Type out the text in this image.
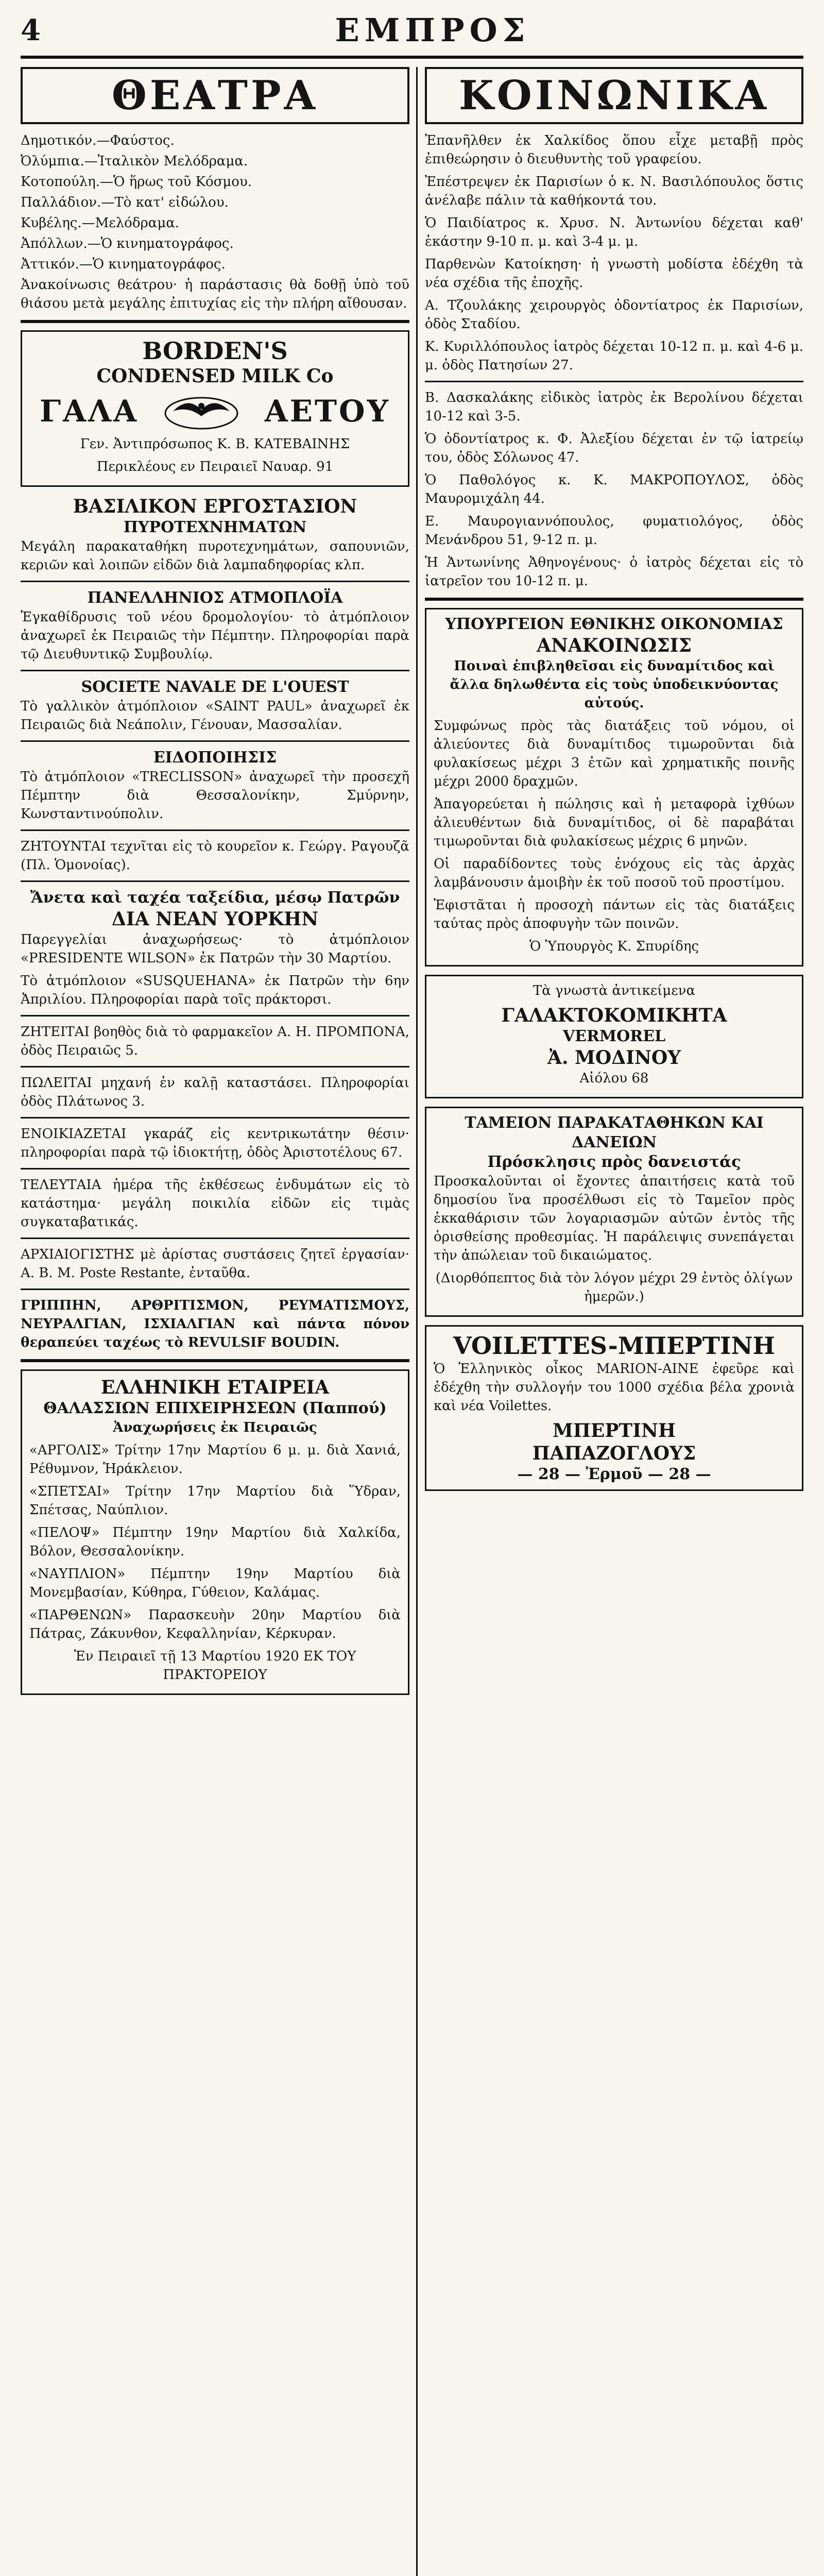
4	ΕΜΠΡΟΣ
ΘΕΑΤΡΑ
Δημοτικόν.—Φαύστος.
Ὀλύμπια.—Ἰταλικὸν Μελόδραμα.
Κοτοπούλη.—Ὁ ἥρως τοῦ Κόσμου.
Παλλάδιον.—Τὸ κατ' εἰδώλου.
Κυβέλης.—Μελόδραμα.
Ἀπόλλων.—Ὁ κινηματογράφος.
Ἀττικόν.—Ὁ κινηματογράφος.
Ἀνακοίνωσις θεάτρου· ἡ παράστασις θὰ δοθῇ ὑπὸ τοῦ θιάσου μετὰ μεγάλης ἐπιτυχίας εἰς τὴν πλήρη αἴθουσαν.
BORDEN'S
CONDENSED MILK Co
ΓΑΛΑ	ΑΕΤΟΥ
Γεν. Ἀντιπρόσωπος Κ. Β. ΚΑΤΕΒΑΙΝΗΣ
Περικλέους εν Πειραιεῖ Ναυαρ. 91
ΒΑΣΙΛΙΚΟΝ ΕΡΓΟΣΤΑΣΙΟΝ
ΠΥΡΟΤΕΧΝΗΜΑΤΩΝ
Μεγάλη παρακαταθήκη πυροτεχνημάτων, σαπουνιῶν, κεριῶν καὶ λοιπῶν εἰδῶν διὰ λαμπαδηφορίας κλπ.
ΠΑΝΕΛΛΗΝΙΟΣ ΑΤΜΟΠΛΟΪΑ
Ἐγκαθίδρυσις τοῦ νέου δρομολογίου· τὸ ἀτμόπλοιον ἀναχωρεῖ ἐκ Πειραιῶς τὴν Πέμπτην. Πληροφορίαι παρὰ τῷ Διευθυντικῷ Συμβουλίῳ.
SOCIETE NAVALE DE L'OUEST
Τὸ γαλλικὸν ἀτμόπλοιον «SAINT PAUL» ἀναχωρεῖ ἐκ Πειραιῶς διὰ Νεάπολιν, Γένουαν, Μασσαλίαν.
ΕΙΔΟΠΟΙΗΣΙΣ
Τὸ ἀτμόπλοιον «TRECLISSON» ἀναχωρεῖ τὴν προσεχῆ Πέμπτην διὰ Θεσσαλονίκην, Σμύρνην, Κωνσταντινούπολιν.
ΖΗΤΟΥΝΤΑΙ τεχνῖται εἰς τὸ κουρεῖον κ. Γεώργ. Ραγουζᾶ (Πλ. Ὁμονοίας).
Ἄνετα καὶ ταχέα ταξείδια, μέσῳ Πατρῶν
ΔΙΑ ΝΕΑΝ ΥΟΡΚΗΝ
Παρεγγελίαι ἀναχωρήσεως· τὸ ἀτμόπλοιον «PRESIDENTE WILSON» ἐκ Πατρῶν τὴν 30 Μαρτίου.
Τὸ ἀτμόπλοιον «SUSQUEHANA» ἐκ Πατρῶν τὴν 6ην Ἀπριλίου. Πληροφορίαι παρὰ τοῖς πράκτορσι.
ΖΗΤΕΙΤΑΙ βοηθὸς διὰ τὸ φαρμακεῖον Α. Η. ΠΡΟΜΠΟΝΑ, ὁδὸς Πειραιῶς 5.
ΠΩΛΕΙΤΑΙ μηχανή ἐν καλῇ καταστάσει. Πληροφορίαι ὁδὸς Πλάτωνος 3.
ΕΝΟΙΚΙΑΖΕΤΑΙ γκαράζ εἰς κεντρικωτάτην θέσιν· πληροφορίαι παρὰ τῷ ἰδιοκτήτῃ, ὁδὸς Ἀριστοτέλους 67.
ΤΕΛΕΥΤΑΙΑ ἡμέρα τῆς ἐκθέσεως ἐνδυμάτων εἰς τὸ κατάστημα· μεγάλη ποικιλία εἰδῶν εἰς τιμὰς συγκαταβατικάς.
ΑΡΧΙΑΙΟΓΙΣΤΗΣ μὲ ἀρίστας συστάσεις ζητεῖ ἐργασίαν· Α. Β. Μ. Poste Restante, ἐνταῦθα.
ΓΡΙΠΠΗΝ, ΑΡΘΡΙΤΙΣΜΟΝ, ΡΕΥΜΑΤΙΣΜΟΥΣ, ΝΕΥΡΑΛΓΙΑΝ, ΙΣΧΙΑΛΓΙΑΝ καὶ πάντα πόνον θεραπεύει ταχέως τὸ REVULSIF BOUDIN.
ΕΛΛΗΝΙΚΗ ΕΤΑΙΡΕΙΑ
ΘΑΛΑΣΣΙΩΝ ΕΠΙΧΕΙΡΗΣΕΩΝ (Παππού)
Ἀναχωρήσεις ἐκ Πειραιῶς
«ΑΡΓΟΛΙΣ» Τρίτην 17ην Μαρτίου 6 μ. μ. διὰ Χανιά, Ρέθυμνον, Ἡράκλειον.
«ΣΠΕΤΣΑΙ» Τρίτην 17ην Μαρτίου διὰ Ὕδραν, Σπέτσας, Ναύπλιον.
«ΠΕΛΟΨ» Πέμπτην 19ην Μαρτίου διὰ Χαλκίδα, Βόλον, Θεσσαλονίκην.
«ΝΑΥΠΛΙΟΝ» Πέμπτην 19ην Μαρτίου διὰ Μονεμβασίαν, Κύθηρα, Γύθειον, Καλάμας.
«ΠΑΡΘΕΝΩΝ» Παρασκευὴν 20ην Μαρτίου διὰ Πάτρας, Ζάκυνθον, Κεφαλληνίαν, Κέρκυραν.
Ἐν Πειραιεῖ τῇ 13 Μαρτίου 1920 ΕΚ ΤΟΥ ΠΡΑΚΤΟΡΕΙΟΥ
ΚΟΙΝΩΝΙΚΑ
Ἐπανῆλθεν ἐκ Χαλκίδος ὅπου εἶχε μεταβῇ πρὸς ἐπιθεώρησιν ὁ διευθυντὴς τοῦ γραφείου.
Ἐπέστρεψεν ἐκ Παρισίων ὁ κ. Ν. Βασιλόπουλος ὅστις ἀνέλαβε πάλιν τὰ καθήκοντά του.
Ὁ Παιδίατρος κ. Χρυσ. Ν. Ἀντωνίου δέχεται καθ' ἑκάστην 9-10 π. μ. καὶ 3-4 μ. μ.
Παρθενὼν Κατοίκηση· ἡ γνωστὴ μοδίστα ἐδέχθη τὰ νέα σχέδια τῆς ἐποχῆς.
Α. Τζουλάκης χειρουργὸς ὀδοντίατρος ἐκ Παρισίων, ὁδὸς Σταδίου.
Κ. Κυριλλόπουλος ἰατρὸς δέχεται 10-12 π. μ. καὶ 4-6 μ. μ. ὁδὸς Πατησίων 27.
Β. Δασκαλάκης εἰδικὸς ἰατρὸς ἐκ Βερολίνου δέχεται 10-12 καὶ 3-5.
Ὁ ὀδοντίατρος κ. Φ. Ἀλεξίου δέχεται ἐν τῷ ἰατρείῳ του, ὁδὸς Σόλωνος 47.
Ὁ Παθολόγος κ. Κ. ΜΑΚΡΟΠΟΥΛΟΣ, ὁδὸς Μαυρομιχάλη 44.
Ε. Μαυρογιαννόπουλος, φυματιολόγος, ὁδὸς Μενάνδρου 51, 9-12 π. μ.
Ἡ Ἀντωνίνης Ἀθηνογένους· ὁ ἰατρὸς δέχεται εἰς τὸ ἰατρεῖον του 10-12 π. μ.
ΥΠΟΥΡΓΕΙΟΝ ΕΘΝΙΚΗΣ ΟΙΚΟΝΟΜΙΑΣ
ΑΝΑΚΟΙΝΩΣΙΣ
Ποιναὶ ἐπιβληθεῖσαι εἰς δυναμίτιδος καὶ ἄλλα δηλωθέντα εἰς τοὺς ὑποδεικνύοντας αὐτούς.
Συμφώνως πρὸς τὰς διατάξεις τοῦ νόμου, οἱ ἀλιεύοντες διὰ δυναμίτιδος τιμωροῦνται διὰ φυλακίσεως μέχρι 3 ἐτῶν καὶ χρηματικῆς ποινῆς μέχρι 2000 δραχμῶν.
Ἀπαγορεύεται ἡ πώλησις καὶ ἡ μεταφορὰ ἰχθύων ἀλιευθέντων διὰ δυναμίτιδος, οἱ δὲ παραβάται τιμωροῦνται διὰ φυλακίσεως μέχρις 6 μηνῶν.
Οἱ παραδίδοντες τοὺς ἐνόχους εἰς τὰς ἀρχὰς λαμβάνουσιν ἀμοιβὴν ἐκ τοῦ ποσοῦ τοῦ προστίμου.
Ἐφιστᾶται ἡ προσοχὴ πάντων εἰς τὰς διατάξεις ταύτας πρὸς ἀποφυγὴν τῶν ποινῶν.
Ὁ Ὑπουργὸς Κ. Σπυρίδης
Τὰ γνωστὰ ἀντικείμενα
ΓΑΛΑΚΤΟΚΟΜΙΚΗΤΑ
VERMOREL
Ἀ. ΜΟΔΙΝΟΥ
Αἰόλου 68
ΤΑΜΕΙΟΝ ΠΑΡΑΚΑΤΑΘΗΚΩΝ ΚΑΙ ΔΑΝΕΙΩΝ
Πρόσκλησις πρὸς δανειστάς
Προσκαλοῦνται οἱ ἔχοντες ἀπαιτήσεις κατὰ τοῦ δημοσίου ἵνα προσέλθωσι εἰς τὸ Ταμεῖον πρὸς ἐκκαθάρισιν τῶν λογαριασμῶν αὐτῶν ἐντὸς τῆς ὁρισθείσης προθεσμίας. Ἡ παράλειψις συνεπάγεται τὴν ἀπώλειαν τοῦ δικαιώματος.
(Διορθόπεπτος διὰ τὸν λόγον μέχρι 29 ἐντὸς ὀλίγων ἡμερῶν.)
VOILETTES-ΜΠΕΡΤΙΝΗ
Ὁ Ἑλληνικὸς οἶκος MARION-AINE ἐφεῦρε καὶ ἐδέχθη τὴν συλλογήν του 1000 σχέδια βέλα χρονιὰ καὶ νέα Voilettes.
ΜΠΕΡΤΙΝΗ
ΠΑΠΑΖΟΓΛΟΥΣ
— 28 — Ἑρμοῦ — 28 —
